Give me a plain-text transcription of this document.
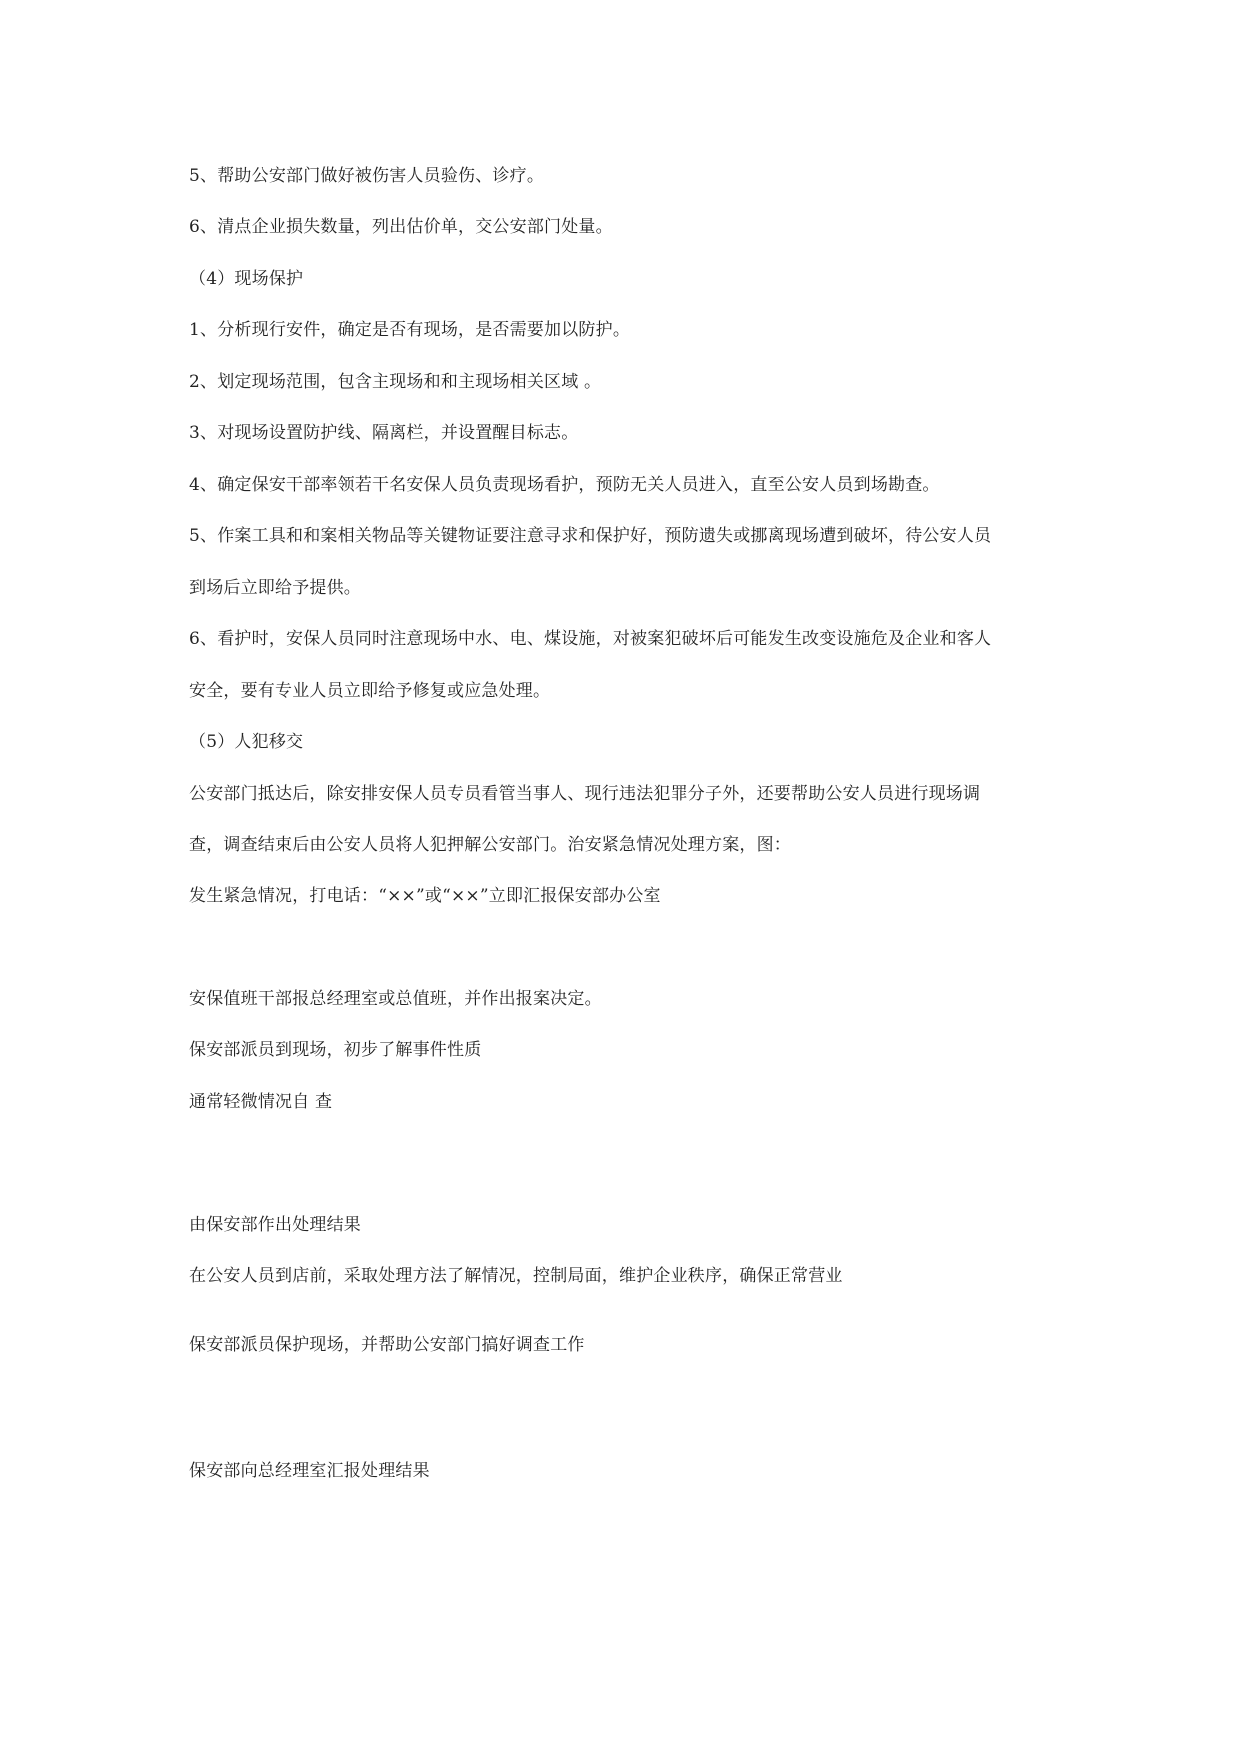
5、帮助公安部门做好被伤害人员验伤、诊疗。
6、清点企业损失数量，列出估价单，交公安部门处量。
（4）现场保护
1、分析现行安件，确定是否有现场，是否需要加以防护。
2、划定现场范围，包含主现场和和主现场相关区域 。
3、对现场设置防护线、隔离栏，并设置醒目标志。
4、确定保安干部率领若干名安保人员负责现场看护，预防无关人员进入，直至公安人员到场勘查。
5、作案工具和和案相关物品等关键物证要注意寻求和保护好，预防遗失或挪离现场遭到破坏，待公安人员
到场后立即给予提供。
6、看护时，安保人员同时注意现场中水、电、煤设施，对被案犯破坏后可能发生改变设施危及企业和客人
安全，要有专业人员立即给予修复或应急处理。
（5）人犯移交
公安部门抵达后，除安排安保人员专员看管当事人、现行违法犯罪分子外，还要帮助公安人员进行现场调
查，调查结束后由公安人员将人犯押解公安部门。治安紧急情况处理方案，图：
发生紧急情况，打电话：“××”或“××”立即汇报保安部办公室
安保值班干部报总经理室或总值班，并作出报案决定。
保安部派员到现场，初步了解事件性质
通常轻微情况自 查
由保安部作出处理结果
在公安人员到店前，采取处理方法了解情况，控制局面，维护企业秩序，确保正常营业
保安部派员保护现场，并帮助公安部门搞好调查工作
保安部向总经理室汇报处理结果
